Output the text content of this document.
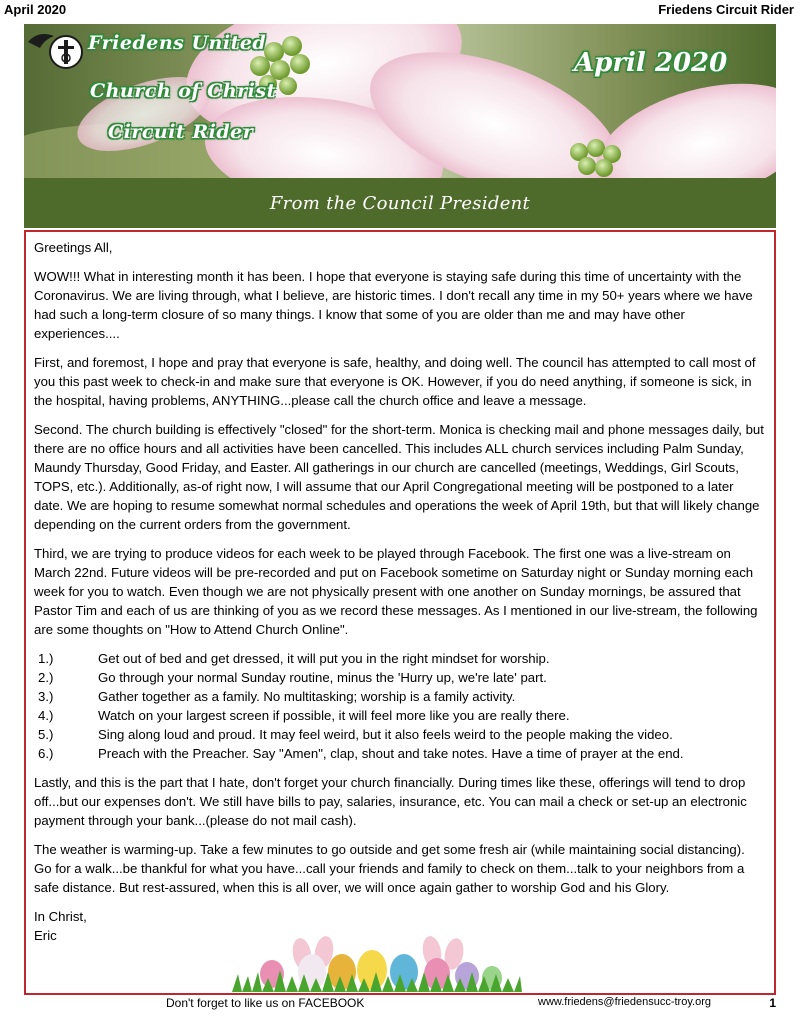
April 2020	Friedens Circuit Rider
Friedens United
Church of Christ
Circuit Rider
April 2020
From the Council President

Greetings All,

WOW!!! What in interesting month it has been. I hope that everyone is staying safe during this time of uncertainty with the Coronavirus. We are living through, what I believe, are historic times. I don't recall any time in my 50+ years where we have had such a long-term closure of so many things. I know that some of you are older than me and may have other experiences....

First, and foremost, I hope and pray that everyone is safe, healthy, and doing well. The council has attempted to call most of you this past week to check-in and make sure that everyone is OK. However, if you do need anything, if someone is sick, in the hospital, having problems, ANYTHING...please call the church office and leave a message.

Second. The church building is effectively "closed" for the short-term. Monica is checking mail and phone messages daily, but there are no office hours and all activities have been cancelled. This includes ALL church services including Palm Sunday, Maundy Thursday, Good Friday, and Easter. All gatherings in our church are cancelled (meetings, Weddings, Girl Scouts, TOPS, etc.). Additionally, as-of right now, I will assume that our April Congregational meeting will be postponed to a later date. We are hoping to resume somewhat normal schedules and operations the week of April 19th, but that will likely change depending on the current orders from the government.

Third, we are trying to produce videos for each week to be played through Facebook. The first one was a live-stream on March 22nd. Future videos will be pre-recorded and put on Facebook sometime on Saturday night or Sunday morning each week for you to watch. Even though we are not physically present with one another on Sunday mornings, be assured that Pastor Tim and each of us are thinking of you as we record these messages. As I mentioned in our live-stream, the following are some thoughts on "How to Attend Church Online".

1.)	Get out of bed and get dressed, it will put you in the right mindset for worship.
2.)	Go through your normal Sunday routine, minus the 'Hurry up, we're late' part.
3.)	Gather together as a family. No multitasking; worship is a family activity.
4.)	Watch on your largest screen if possible, it will feel more like you are really there.
5.)	Sing along loud and proud. It may feel weird, but it also feels weird to the people making the video.
6.)	Preach with the Preacher. Say "Amen", clap, shout and take notes. Have a time of prayer at the end.

Lastly, and this is the part that I hate, don't forget your church financially. During times like these, offerings will tend to drop off...but our expenses don't. We still have bills to pay, salaries, insurance, etc. You can mail a check or set-up an electronic payment through your bank...(please do not mail cash).

The weather is warming-up. Take a few minutes to go outside and get some fresh air (while maintaining social distancing). Go for a walk...be thankful for what you have...call your friends and family to check on them...talk to your neighbors from a safe distance. But rest-assured, when this is all over, we will once again gather to worship God and his Glory.

In Christ,
Eric
Don't forget to like us on FACEBOOK	www.friedens@friedensucc-troy.org	1
